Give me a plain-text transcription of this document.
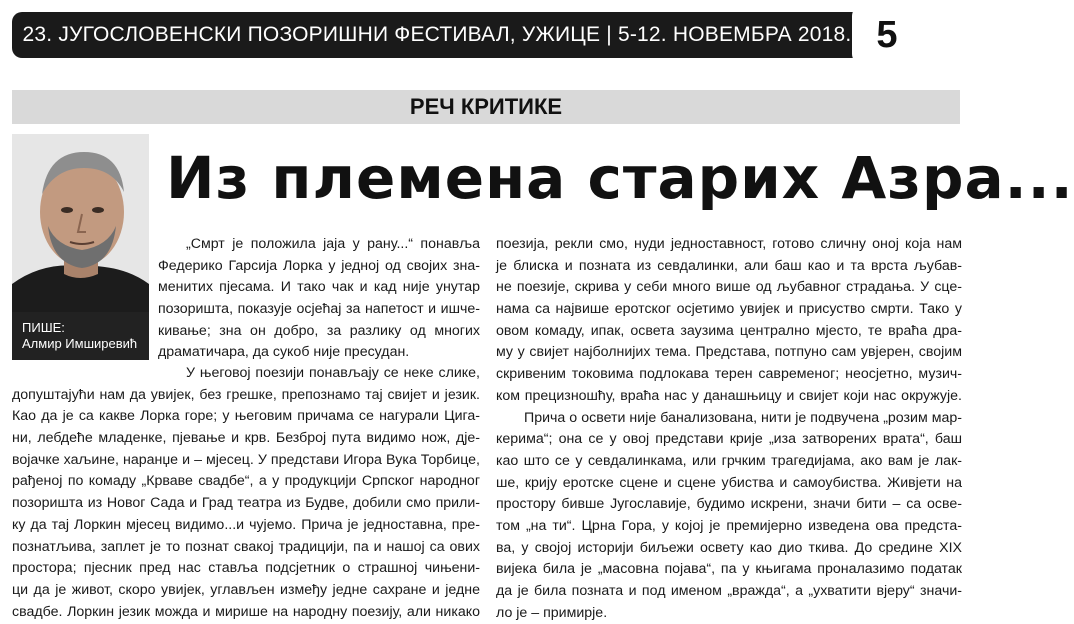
23. ЈУГОСЛОВЕНСКИ ПОЗОРИШНИ ФЕСТИВАЛ, УЖИЦЕ | 5-12. НОВЕМБРА 2018. 5
РЕЧ КРИТИКЕ
ПИШЕ:
Алмир Имширевић
Из племена старих Азра...
„Смрт је положила јаја у рану...“ понавља
Федерико Гарсија Лорка у једној од својих зна-
менитих пјесама. И тако чак и кад није унутар
позоришта, показује осјећај за напетост и ишче-
кивање; зна он добро, за разлику од многих
драматичара, да сукоб није пресудан.
У његовој поезији понављају се неке слике,
допуштајући нам да увијек, без грешке, препознамо тај свијет и језик.
Као да је са какве Лорка горе; у његовим причама се нагурали Цига-
ни, лебдеће младенке, пјевање и крв. Безброј пута видимо нож, дје-
војачке хаљине, наранџе и – мјесец. У представи Игора Вука Торбице,
рађеној по комаду „Крваве свадбе“, а у продукцији Српског народног
позоришта из Новог Сада и Град театра из Будве, добили смо прили-
ку да тај Лоркин мјесец видимо...и чујемо. Прича је једноставна, пре-
познатљива, заплет је то познат свакој традицији, па и нашој са ових
простора; пјесник пред нас ставља подсјетник о страшној чињени-
ци да је живот, скоро увијек, углављен између једне сахране и једне
свадбе. Лоркин језик можда и мирише на народну поезију, али никако
поезија, рекли смо, нуди једноставност, готово сличну оној која нам
је блиска и позната из севдалинки, али баш као и та врста љубав-
не поезије, скрива у себи много више од љубавног страдања. У сце-
нама са највише еротског осјетимо увијек и присуство смрти. Тако у
овом комаду, ипак, освета заузима централно мјесто, те враћа дра-
му у свијет најболнијих тема. Представа, потпуно сам увјерен, својим
скривеним токовима подлокава терен савременог; неосјетно, музич-
ком прецизношћу, враћа нас у данашњицу и свијет који нас окружује.
Прича о освети није банализована, нити је подвучена „розим мар-
керима“; она се у овој представи крије „иза затворених врата“, баш
као што се у севдалинкама, или грчким трагедијама, ако вам је лак-
ше, крију еротске сцене и сцене убиства и самоубиства. Живјети на
простору бивше Југославије, будимо искрени, значи бити – са осве-
том „на ти“. Црна Гора, у којој је премијерно изведена ова предста-
ва, у својој историји биљежи освету као дио ткива. До средине XIX
вијека била је „масовна појава“, па у књигама проналазимо податак
да је била позната и под именом „вражда“, а „ухватити вјеру“ значи-
ло је – примирје.
